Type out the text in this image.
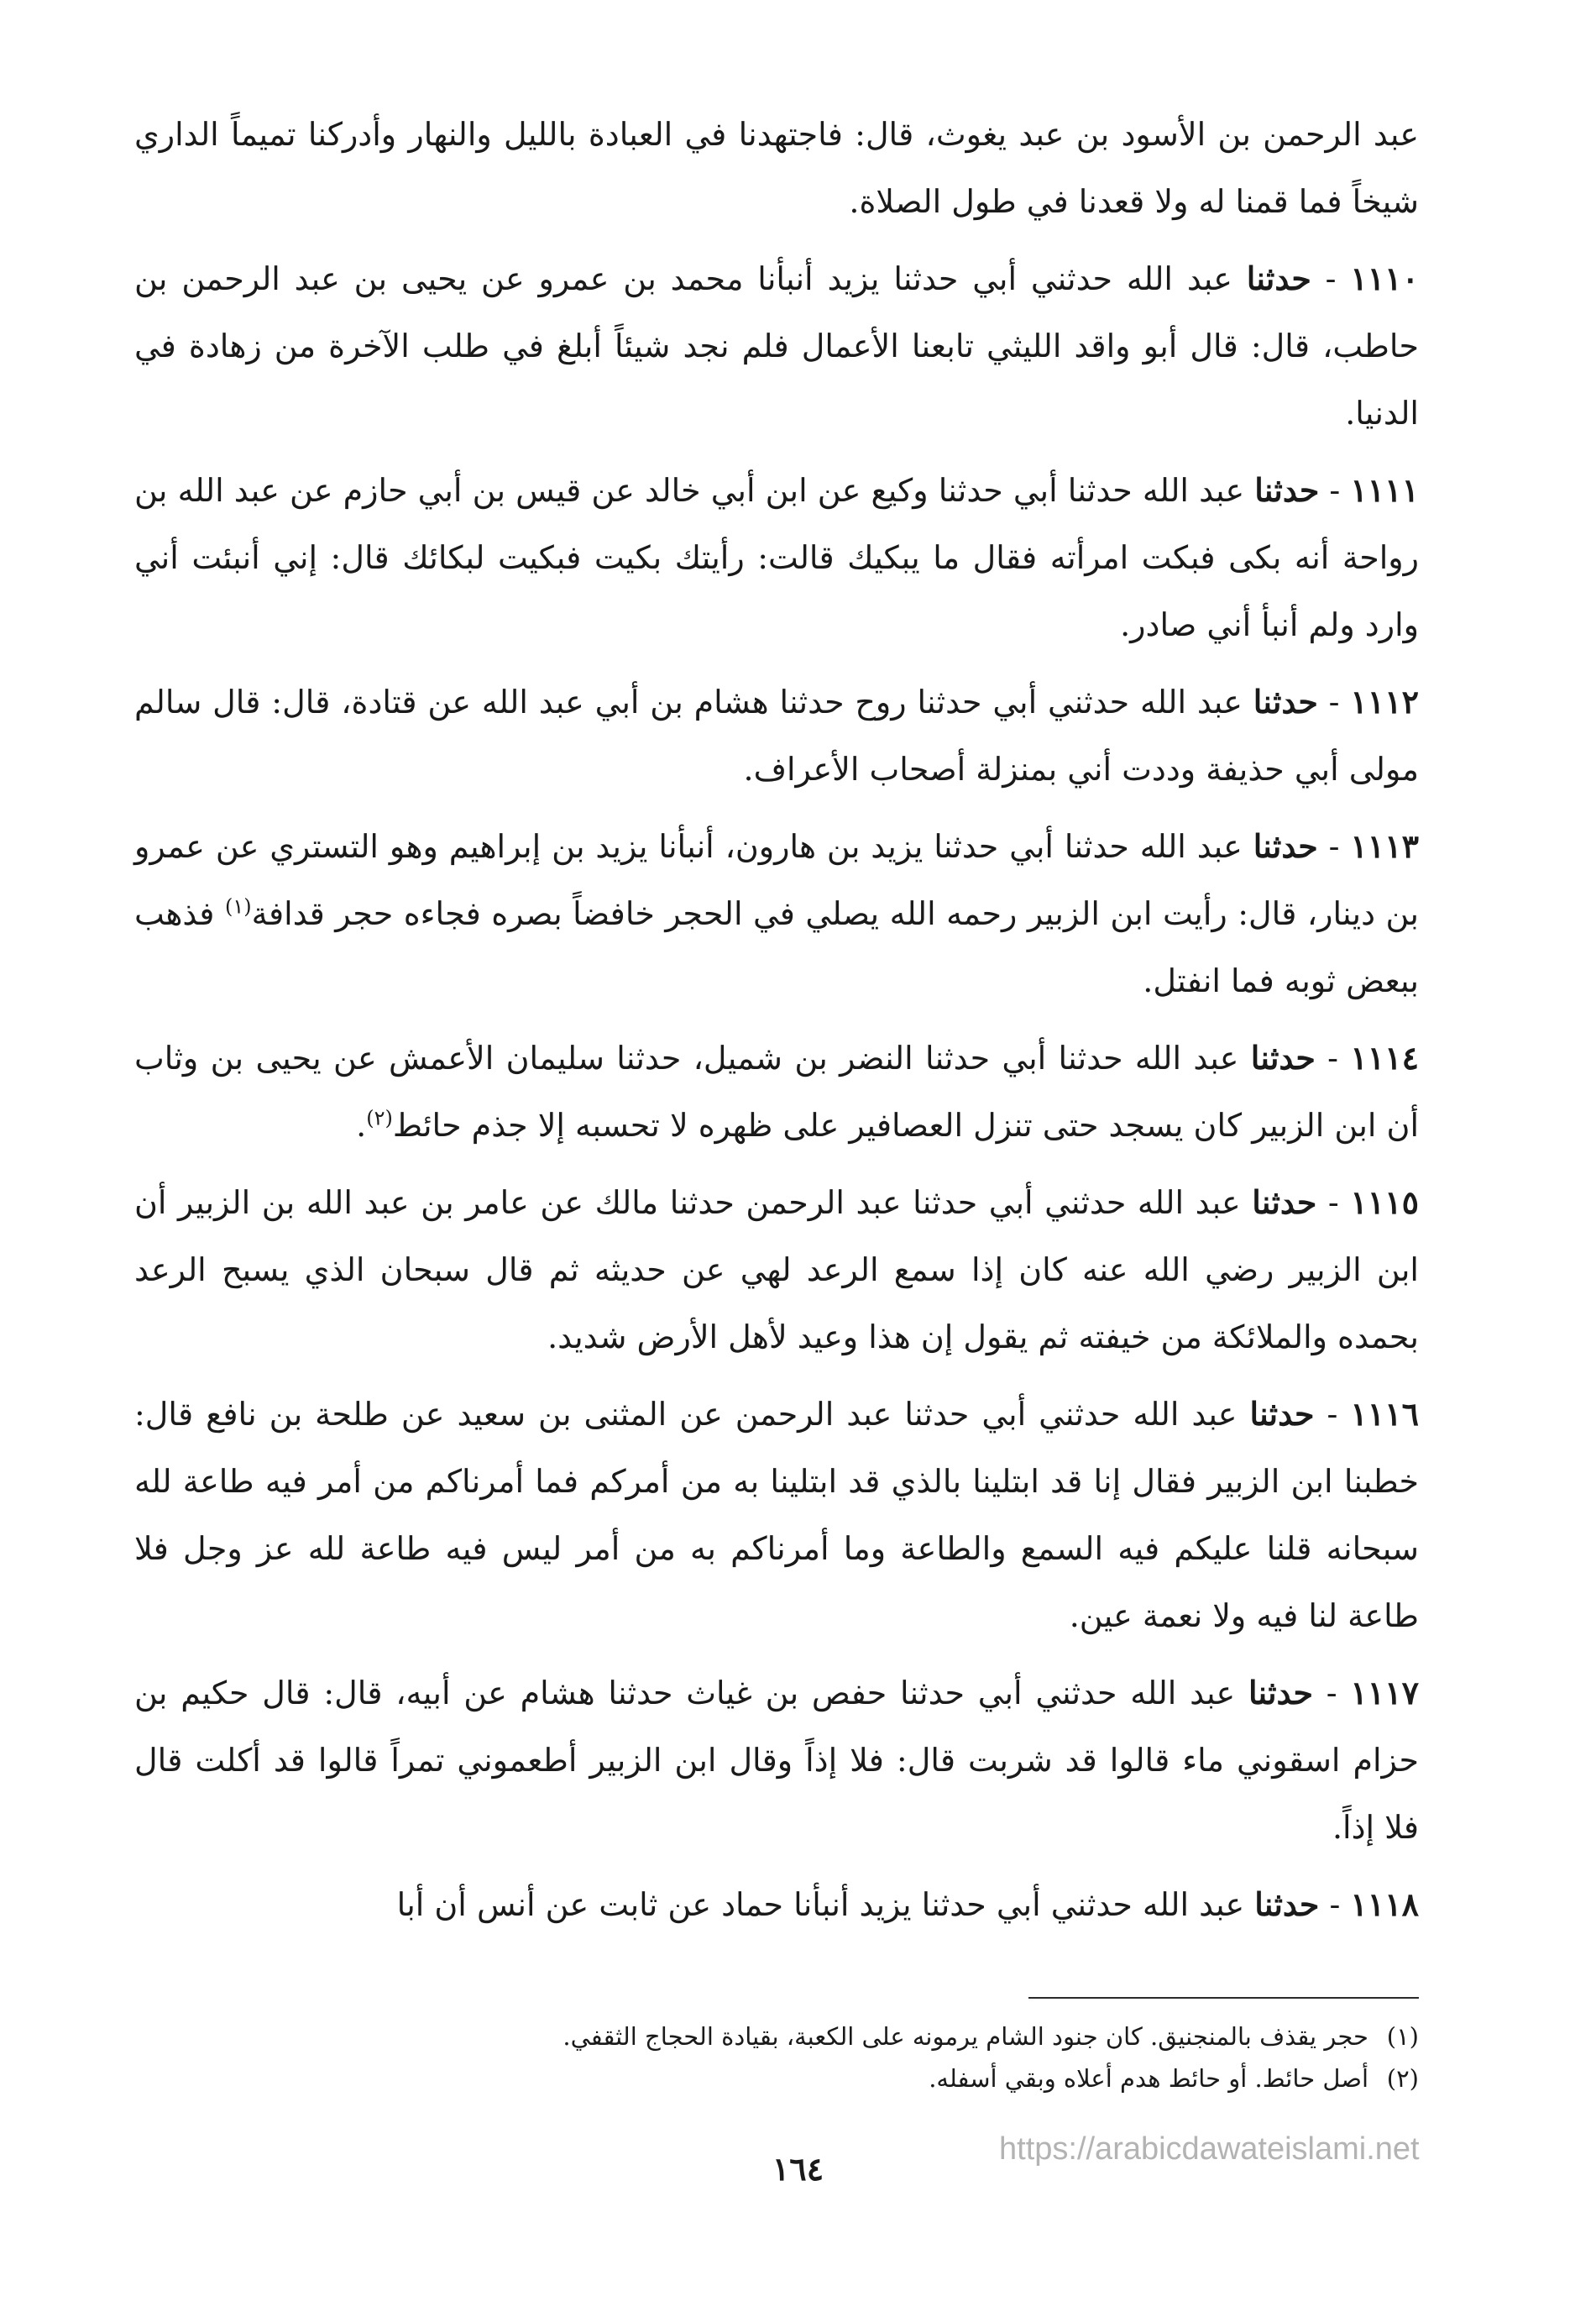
عبد الرحمن بن الأسود بن عبد يغوث، قال: فاجتهدنا في العبادة بالليل والنهار وأدركنا تميماً الداري شيخاً فما قمنا له ولا قعدنا في طول الصلاة.

١١١٠ - حدثنا عبد الله حدثني أبي حدثنا يزيد أنبأنا محمد بن عمرو عن يحيى بن عبد الرحمن بن حاطب، قال: قال أبو واقد الليثي تابعنا الأعمال فلم نجد شيئاً أبلغ في طلب الآخرة من زهادة في الدنيا.

١١١١ - حدثنا عبد الله حدثنا أبي حدثنا وكيع عن ابن أبي خالد عن قيس بن أبي حازم عن عبد الله بن رواحة أنه بكى فبكت امرأته فقال ما يبكيك قالت: رأيتك بكيت فبكيت لبكائك قال: إني أنبئت أني وارد ولم أنبأ أني صادر.

١١١٢ - حدثنا عبد الله حدثني أبي حدثنا روح حدثنا هشام بن أبي عبد الله عن قتادة، قال: قال سالم مولى أبي حذيفة وددت أني بمنزلة أصحاب الأعراف.

١١١٣ - حدثنا عبد الله حدثنا أبي حدثنا يزيد بن هارون، أنبأنا يزيد بن إبراهيم وهو التستري عن عمرو بن دينار، قال: رأيت ابن الزبير رحمه الله يصلي في الحجر خافضاً بصره فجاءه حجر قدافة$^{(١)}$ فذهب ببعض ثوبه فما انفتل.

١١١٤ - حدثنا عبد الله حدثنا أبي حدثنا النضر بن شميل، حدثنا سليمان الأعمش عن يحيى بن وثاب أن ابن الزبير كان يسجد حتى تنزل العصافير على ظهره لا تحسبه إلا جذم حائط$^{(٢)}$.

١١١٥ - حدثنا عبد الله حدثني أبي حدثنا عبد الرحمن حدثنا مالك عن عامر بن عبد الله بن الزبير أن ابن الزبير رضي الله عنه كان إذا سمع الرعد لهي عن حديثه ثم قال سبحان الذي يسبح الرعد بحمده والملائكة من خيفته ثم يقول إن هذا وعيد لأهل الأرض شديد.

١١١٦ - حدثنا عبد الله حدثني أبي حدثنا عبد الرحمن عن المثنى بن سعيد عن طلحة بن نافع قال: خطبنا ابن الزبير فقال إنا قد ابتلينا بالذي قد ابتلينا به من أمركم فما أمرناكم من أمر فيه طاعة لله سبحانه قلنا عليكم فيه السمع والطاعة وما أمرناكم به من أمر ليس فيه طاعة لله عز وجل فلا طاعة لنا فيه ولا نعمة عين.

١١١٧ - حدثنا عبد الله حدثني أبي حدثنا حفص بن غياث حدثنا هشام عن أبيه، قال: قال حكيم بن حزام اسقوني ماء قالوا قد شربت قال: فلا إذاً وقال ابن الزبير أطعموني تمراً قالوا قد أكلت قال فلا إذاً.

١١١٨ - حدثنا عبد الله حدثني أبي حدثنا يزيد أنبأنا حماد عن ثابت عن أنس أن أبا

(١)حجر يقذف بالمنجنيق. كان جنود الشام يرمونه على الكعبة، بقيادة الحجاج الثقفي.
(٢)أصل حائط. أو حائط هدم أعلاه وبقي أسفله.
١٦٤
https://arabicdawateislami.net
